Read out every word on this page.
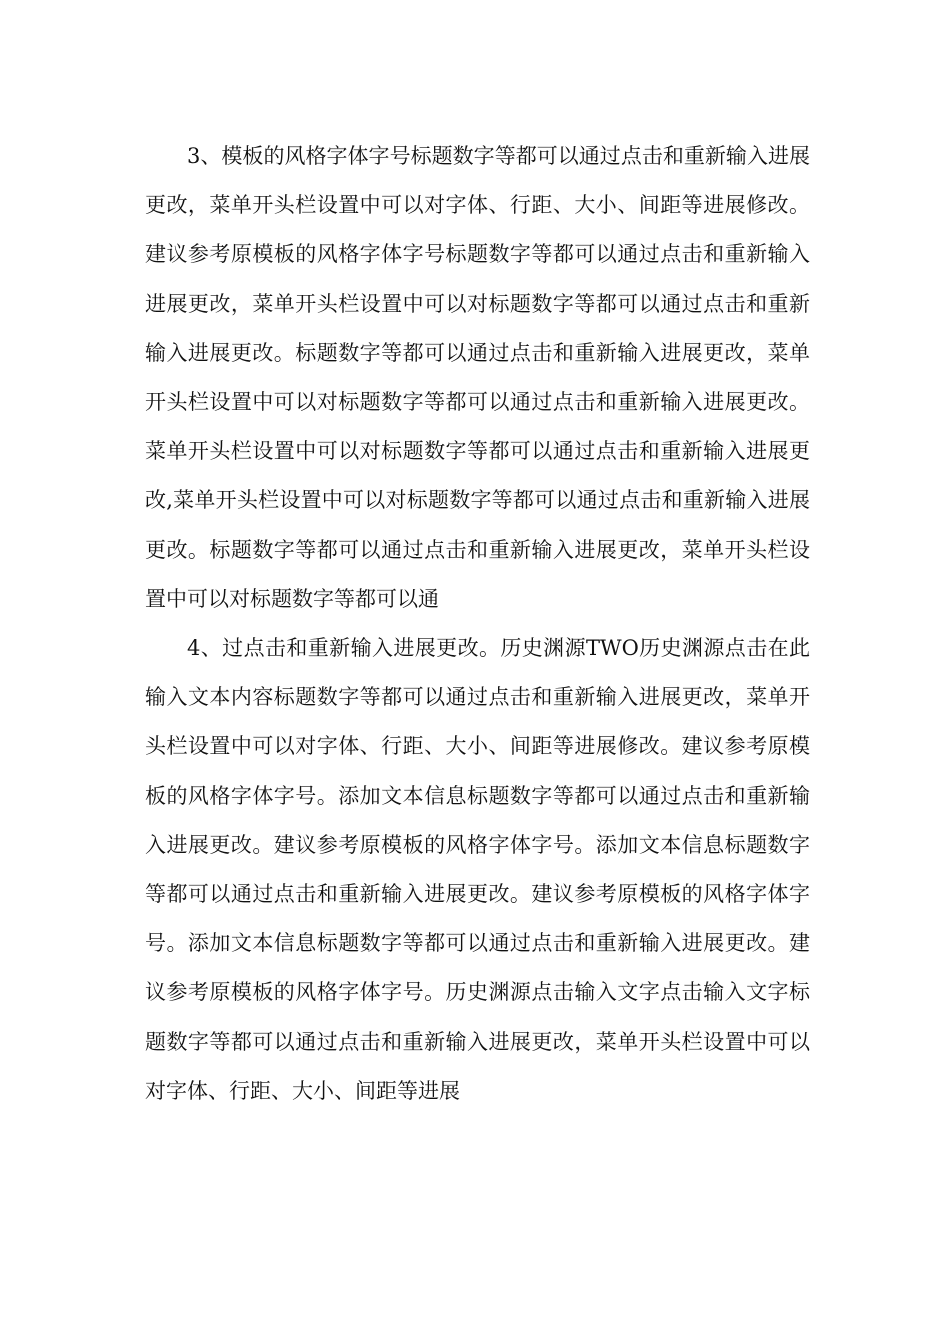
3、模板的风格字体字号标题数字等都可以通过点击和重新输入进展更改，菜单开头栏设置中可以对字体、行距、大小、间距等进展修改。建议参考原模板的风格字体字号标题数字等都可以通过点击和重新输入进展更改，菜单开头栏设置中可以对标题数字等都可以通过点击和重新输入进展更改。标题数字等都可以通过点击和重新输入进展更改，菜单开头栏设置中可以对标题数字等都可以通过点击和重新输入进展更改。菜单开头栏设置中可以对标题数字等都可以通过点击和重新输入进展更改,菜单开头栏设置中可以对标题数字等都可以通过点击和重新输入进展更改。标题数字等都可以通过点击和重新输入进展更改，菜单开头栏设置中可以对标题数字等都可以通

4、过点击和重新输入进展更改。历史渊源TWO历史渊源点击在此输入文本内容标题数字等都可以通过点击和重新输入进展更改，菜单开头栏设置中可以对字体、行距、大小、间距等进展修改。建议参考原模板的风格字体字号。添加文本信息标题数字等都可以通过点击和重新输入进展更改。建议参考原模板的风格字体字号。添加文本信息标题数字等都可以通过点击和重新输入进展更改。建议参考原模板的风格字体字号。添加文本信息标题数字等都可以通过点击和重新输入进展更改。建议参考原模板的风格字体字号。历史渊源点击输入文字点击输入文字标题数字等都可以通过点击和重新输入进展更改，菜单开头栏设置中可以对字体、行距、大小、间距等进展
